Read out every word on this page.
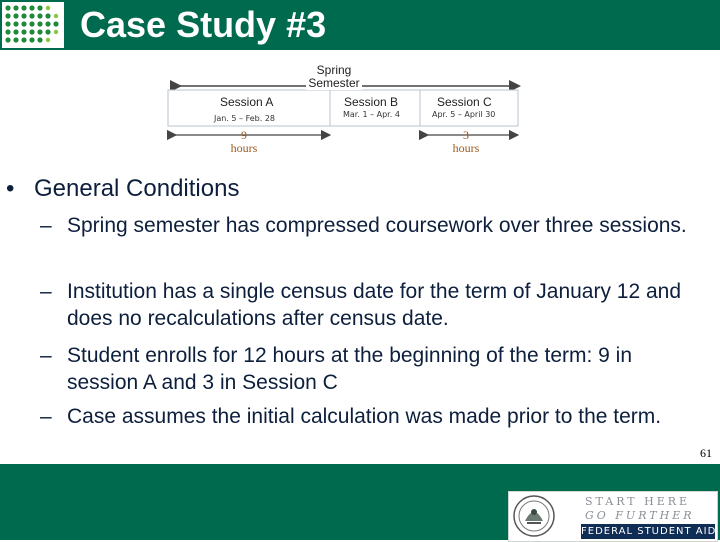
Case Study #3
Spring
Semester
Session A
Jan. 5 – Feb. 28
Session B
Mar. 1 – Apr. 4
Session C
Apr. 5 – April 30
9
hours
3
hours
• General Conditions
– Spring semester has compressed coursework over three sessions.
– Institution has a single census date for the term of January 12 and does no recalculations after census date.
– Student enrolls for 12 hours at the beginning of the term: 9 in session A and 3 in Session C
– Case assumes the initial calculation was made prior to the term.
61
START HERE
GO FURTHER
FEDERAL STUDENT AID
